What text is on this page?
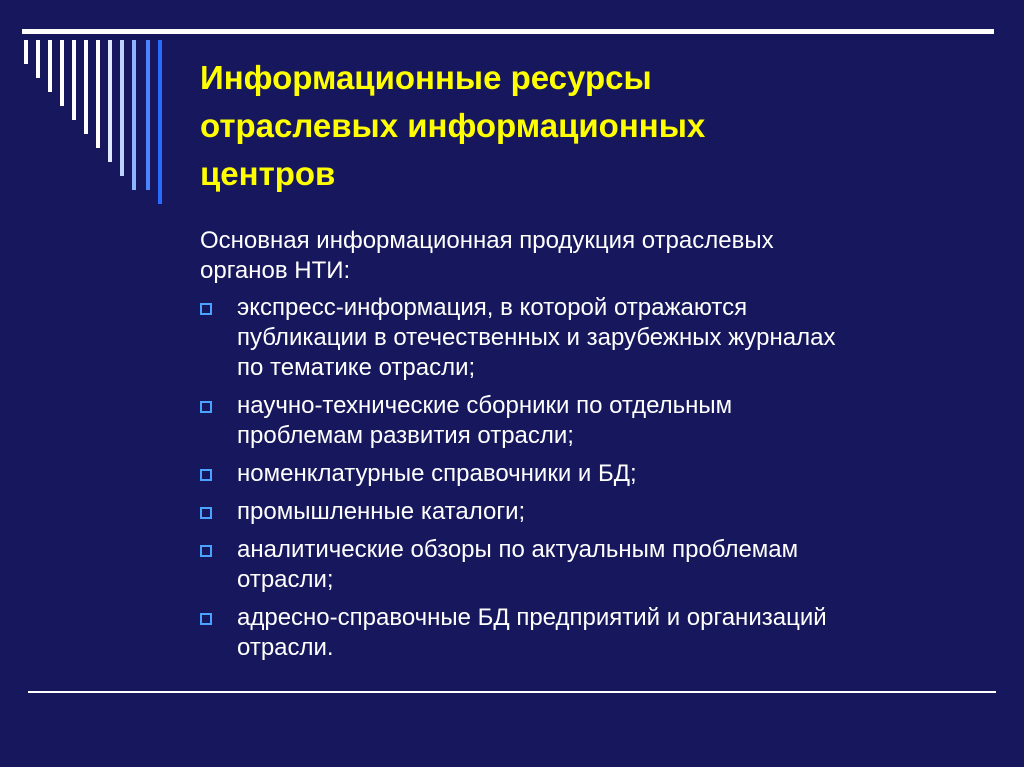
Информационные ресурсы
отраслевых информационных
центров

Основная информационная продукция отраслевых
органов НТИ:

экспресс-информация, в которой отражаются
публикации в отечественных и зарубежных журналах
по тематике отрасли;
научно-технические сборники по отдельным
проблемам развития отрасли;
номенклатурные справочники и БД;
промышленные каталоги;
аналитические обзоры по актуальным проблемам
отрасли;
адресно-справочные БД предприятий и организаций
отрасли.
